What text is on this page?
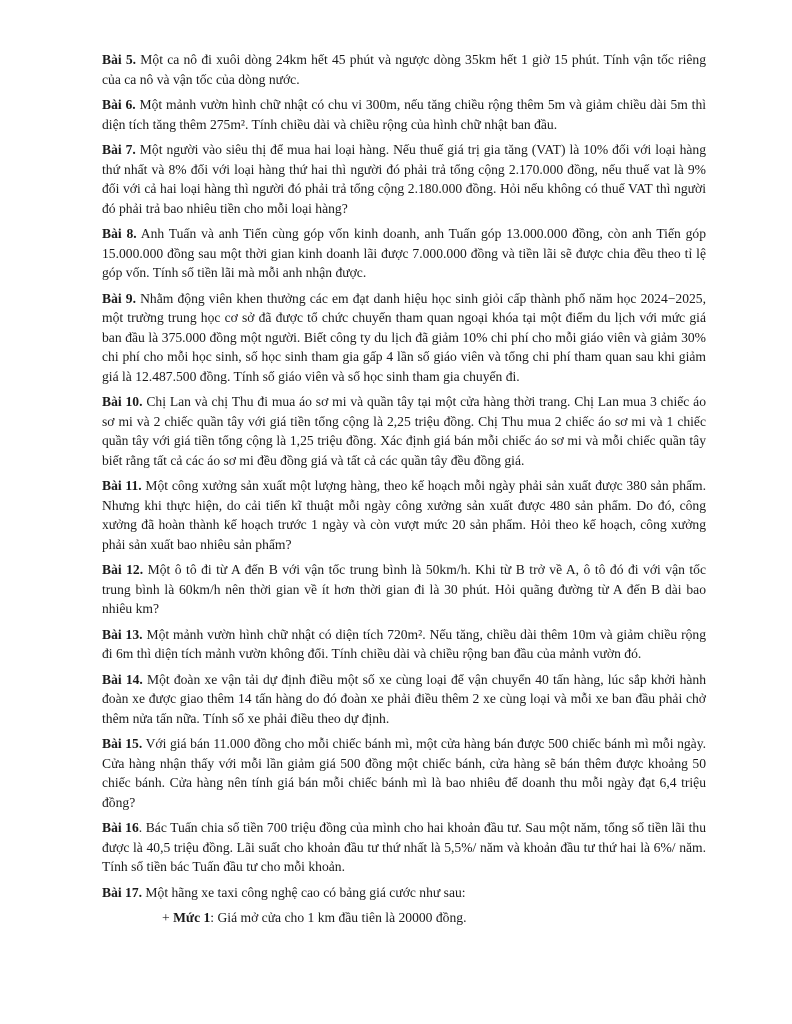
Bài 5. Một ca nô đi xuôi dòng 24km hết 45 phút và ngược dòng 35km hết 1 giờ 15 phút. Tính vận tốc riêng của ca nô và vận tốc của dòng nước.

Bài 6. Một mảnh vườn hình chữ nhật có chu vi 300m, nếu tăng chiều rộng thêm 5m và giảm chiều dài 5m thì diện tích tăng thêm 275m². Tính chiều dài và chiều rộng của hình chữ nhật ban đầu.

Bài 7. Một người vào siêu thị để mua hai loại hàng. Nếu thuế giá trị gia tăng (VAT) là 10% đối với loại hàng thứ nhất và 8% đối với loại hàng thứ hai thì người đó phải trả tổng cộng 2.170.000 đồng, nếu thuế vat là 9% đối với cả hai loại hàng thì người đó phải trả tổng cộng 2.180.000 đồng. Hỏi nếu không có thuế VAT thì người đó phải trả bao nhiêu tiền cho mỗi loại hàng?

Bài 8. Anh Tuấn và anh Tiến cùng góp vốn kinh doanh, anh Tuấn góp 13.000.000 đồng, còn anh Tiến góp 15.000.000 đồng sau một thời gian kinh doanh lãi được 7.000.000 đồng và tiền lãi sẽ được chia đều theo tỉ lệ góp vốn. Tính số tiền lãi mà mỗi anh nhận được.

Bài 9. Nhằm động viên khen thưởng các em đạt danh hiệu học sinh giỏi cấp thành phố năm học 2024−2025, một trường trung học cơ sở đã được tổ chức chuyến tham quan ngoại khóa tại một điểm du lịch với mức giá ban đầu là 375.000 đồng một người. Biết công ty du lịch đã giảm 10% chi phí cho mỗi giáo viên và giảm 30% chi phí cho mỗi học sinh, số học sinh tham gia gấp 4 lần số giáo viên và tổng chi phí tham quan sau khi giảm giá là 12.487.500 đồng. Tính số giáo viên và số học sinh tham gia chuyến đi.

Bài 10. Chị Lan và chị Thu đi mua áo sơ mi và quần tây tại một cửa hàng thời trang. Chị Lan mua 3 chiếc áo sơ mi và 2 chiếc quần tây với giá tiền tổng cộng là 2,25 triệu đồng. Chị Thu mua 2 chiếc áo sơ mi và 1 chiếc quần tây với giá tiền tổng cộng là 1,25 triệu đồng. Xác định giá bán mỗi chiếc áo sơ mi và mỗi chiếc quần tây biết rằng tất cả các áo sơ mi đều đồng giá và tất cả các quần tây đều đồng giá.

Bài 11. Một công xưởng sản xuất một lượng hàng, theo kế hoạch mỗi ngày phải sản xuất được 380 sản phẩm. Nhưng khi thực hiện, do cải tiến kĩ thuật mỗi ngày công xưởng sản xuất được 480 sản phẩm. Do đó, công xưởng đã hoàn thành kế hoạch trước 1 ngày và còn vượt mức 20 sản phẩm. Hỏi theo kế hoạch, công xưởng phải sản xuất bao nhiêu sản phẩm?

Bài 12. Một ô tô đi từ A đến B với vận tốc trung bình là 50km/h. Khi từ B trở về A, ô tô đó đi với vận tốc trung bình là 60km/h nên thời gian về ít hơn thời gian đi là 30 phút. Hỏi quãng đường từ A đến B dài bao nhiêu km?

Bài 13. Một mảnh vườn hình chữ nhật có diện tích 720m². Nếu tăng, chiều dài thêm 10m và giảm chiều rộng đi 6m thì diện tích mảnh vườn không đổi. Tính chiều dài và chiều rộng ban đầu của mảnh vườn đó.

Bài 14. Một đoàn xe vận tải dự định điều một số xe cùng loại để vận chuyển 40 tấn hàng, lúc sắp khởi hành đoàn xe được giao thêm 14 tấn hàng do đó đoàn xe phải điều thêm 2 xe cùng loại và mỗi xe ban đầu phải chở thêm nửa tấn nữa. Tính số xe phải điều theo dự định.

Bài 15. Với giá bán 11.000 đồng cho mỗi chiếc bánh mì, một cửa hàng bán được 500 chiếc bánh mì mỗi ngày. Cửa hàng nhận thấy với mỗi lần giảm giá 500 đồng một chiếc bánh, cửa hàng sẽ bán thêm được khoảng 50 chiếc bánh. Cửa hàng nên tính giá bán mỗi chiếc bánh mì là bao nhiêu để doanh thu mỗi ngày đạt 6,4 triệu đồng?

Bài 16. Bác Tuấn chia số tiền 700 triệu đồng của mình cho hai khoản đầu tư. Sau một năm, tổng số tiền lãi thu được là 40,5 triệu đồng. Lãi suất cho khoản đầu tư thứ nhất là 5,5%/ năm và khoản đầu tư thứ hai là 6%/ năm. Tính số tiền bác Tuấn đầu tư cho mỗi khoản.

Bài 17. Một hãng xe taxi công nghệ cao có bảng giá cước như sau:

+ Mức 1: Giá mở cửa cho 1 km đầu tiên là 20000 đồng.
